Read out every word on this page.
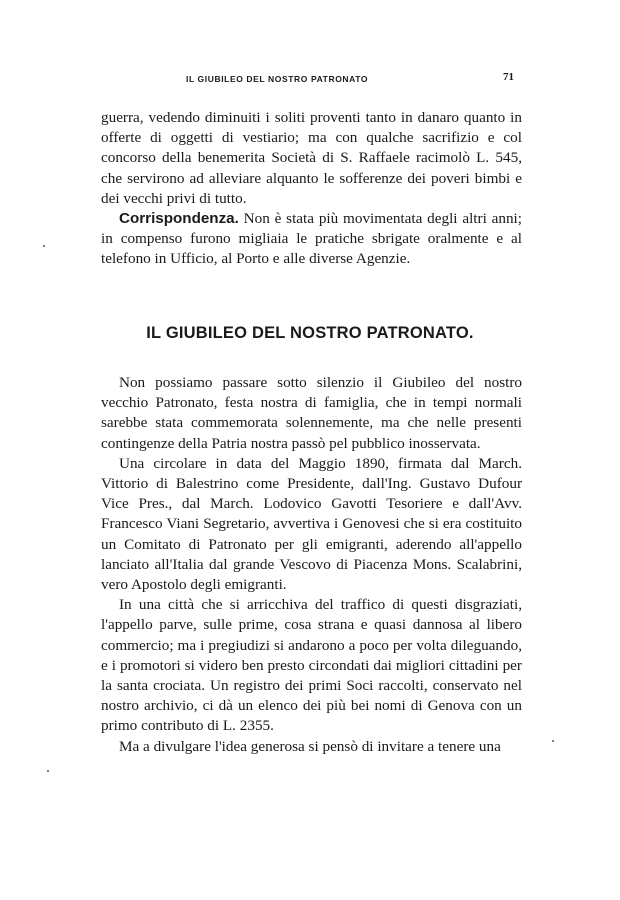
IL GIUBILEO DEL NOSTRO PATRONATO	71

guerra, vedendo diminuiti i soliti proventi tanto in danaro quanto in offerte di oggetti di vestiario; ma con qualche sacrifizio e col concorso della benemerita Società di S. Raffaele racimolò L. 545, che servirono ad alleviare alquanto le sofferenze dei poveri bimbi e dei vecchi privi di tutto.

Corrispondenza. Non è stata più movimentata degli altri anni; in compenso furono migliaia le pratiche sbrigate oralmente e al telefono in Ufficio, al Porto e alle diverse Agenzie.

IL GIUBILEO DEL NOSTRO PATRONATO.

Non possiamo passare sotto silenzio il Giubileo del nostro vecchio Patronato, festa nostra di famiglia, che in tempi normali sarebbe stata commemorata solennemente, ma che nelle presenti contingenze della Patria nostra passò pel pubblico inosservata.

Una circolare in data del Maggio 1890, firmata dal March. Vittorio di Balestrino come Presidente, dall'Ing. Gustavo Dufour Vice Pres., dal March. Lodovico Gavotti Tesoriere e dall'Avv. Francesco Viani Segretario, avvertiva i Genovesi che si era costituito un Comitato di Patronato per gli emigranti, aderendo all'appello lanciato all'Italia dal grande Vescovo di Piacenza Mons. Scalabrini, vero Apostolo degli emigranti.

In una città che si arricchiva del traffico di questi disgraziati, l'appello parve, sulle prime, cosa strana e quasi dannosa al libero commercio; ma i pregiudizi si andarono a poco per volta dileguando, e i promotori si videro ben presto circondati dai migliori cittadini per la santa crociata. Un registro dei primi Soci raccolti, conservato nel nostro archivio, ci dà un elenco dei più bei nomi di Genova con un primo contributo di L. 2355.

Ma a divulgare l'idea generosa si pensò di invitare a tenere una
